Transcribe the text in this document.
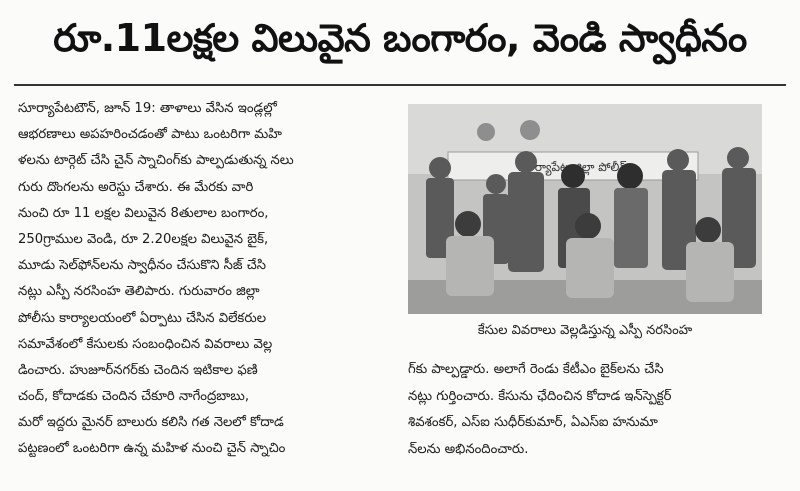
రూ.11లక్షల విలువైన బంగారం, వెండి స్వాధీనం
సూర్యాపేటటౌన్, జూన్ 19: తాళాలు వేసిన ఇండ్లల్లో
ఆభరణాలు అపహరించడంతో పాటు ఒంటరిగా మహి
ళలను టార్గెట్ చేసి చైన్ స్నాచింగ్‌కు పాల్పడుతున్న నలు
గురు దొంగలను అరెస్టు చేశారు. ఈ మేరకు వారి
నుంచి రూ 11 లక్షల విలువైన 8తులాల బంగారం,
250గ్రాముల వెండి, రూ 2.20లక్షల విలువైన బైక్,
మూడు సెల్‌ఫోన్‌లను స్వాధీనం చేసుకొని సీజ్ చేసి
నట్లు ఎస్పీ నరసింహ తెలిపారు. గురువారం జిల్లా
పోలీసు కార్యాలయంలో ఏర్పాటు చేసిన విలేకరుల
సమావేశంలో కేసులకు సంబంధించిన వివరాలు వెల్ల
డించారు. హుజూర్‌నగర్‌కు చెందిన ఇటికాల ఫణి
చంద్, కోదాడకు చెందిన చేకూరి నాగేంద్రబాబు,
మరో ఇద్దరు మైనర్ బాలురు కలిసి గత నెలలో కోదాడ
పట్టణంలో ఒంటరిగా ఉన్న మహిళ నుంచి చైన్ స్నాచిం
సూర్యాపేట జిల్లా పోలీస్
కేసుల వివరాలు వెల్లడిస్తున్న ఎస్పీ నరసింహ
గ్‌కు పాల్పడ్డారు. అలాగే రెండు కేటీఎం బైక్‌లను చేసి
నట్లు గుర్తించారు. కేసును ఛేదించిన కోదాడ ఇన్‌స్పెక్టర్
శివశంకర్, ఎస్‌ఐ సుధీర్‌కుమార్, ఏఎస్‌ఐ హనుమా
న్‌లను అభినందించారు.
